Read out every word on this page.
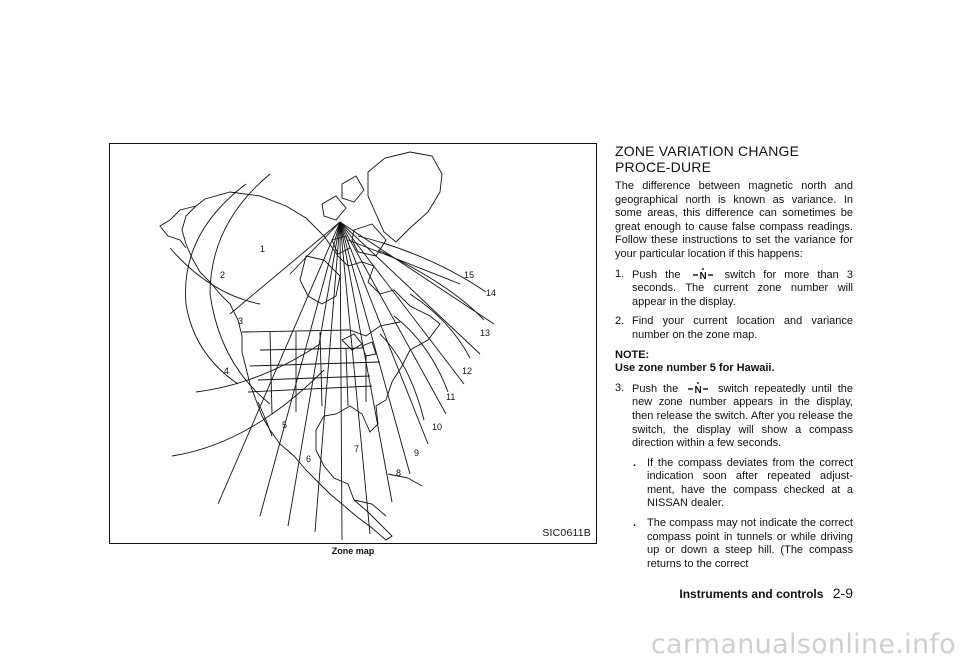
1
2
3
4
5
6
7
8
9
10
11
12
13
14
15
SIC0611B
Zone map
ZONE VARIATION CHANGE PROCE-DURE

The difference between magnetic north and geographical north is known as variance. In some areas, this difference can sometimes be great enough to cause false compass readings. Follow these instructions to set the variance for your particular location if this happens:

1. Push the N switch for more than 3 seconds. The current zone number will appear in the display.
2. Find your current location and variance number on the zone map.

NOTE:

Use zone number 5 for Hawaii.

3. Push the N switch repeatedly until the new zone number appears in the display, then release the switch. After you release the switch, the display will show a compass direction within a few seconds.
. If the compass deviates from the correct indication soon after repeated adjust-ment, have the compass checked at a NISSAN dealer.
. The compass may not indicate the correct compass point in tunnels or while driving up or down a steep hill. (The compass returns to the correct
Instruments and controls 2-9
carmanualsonline.info
